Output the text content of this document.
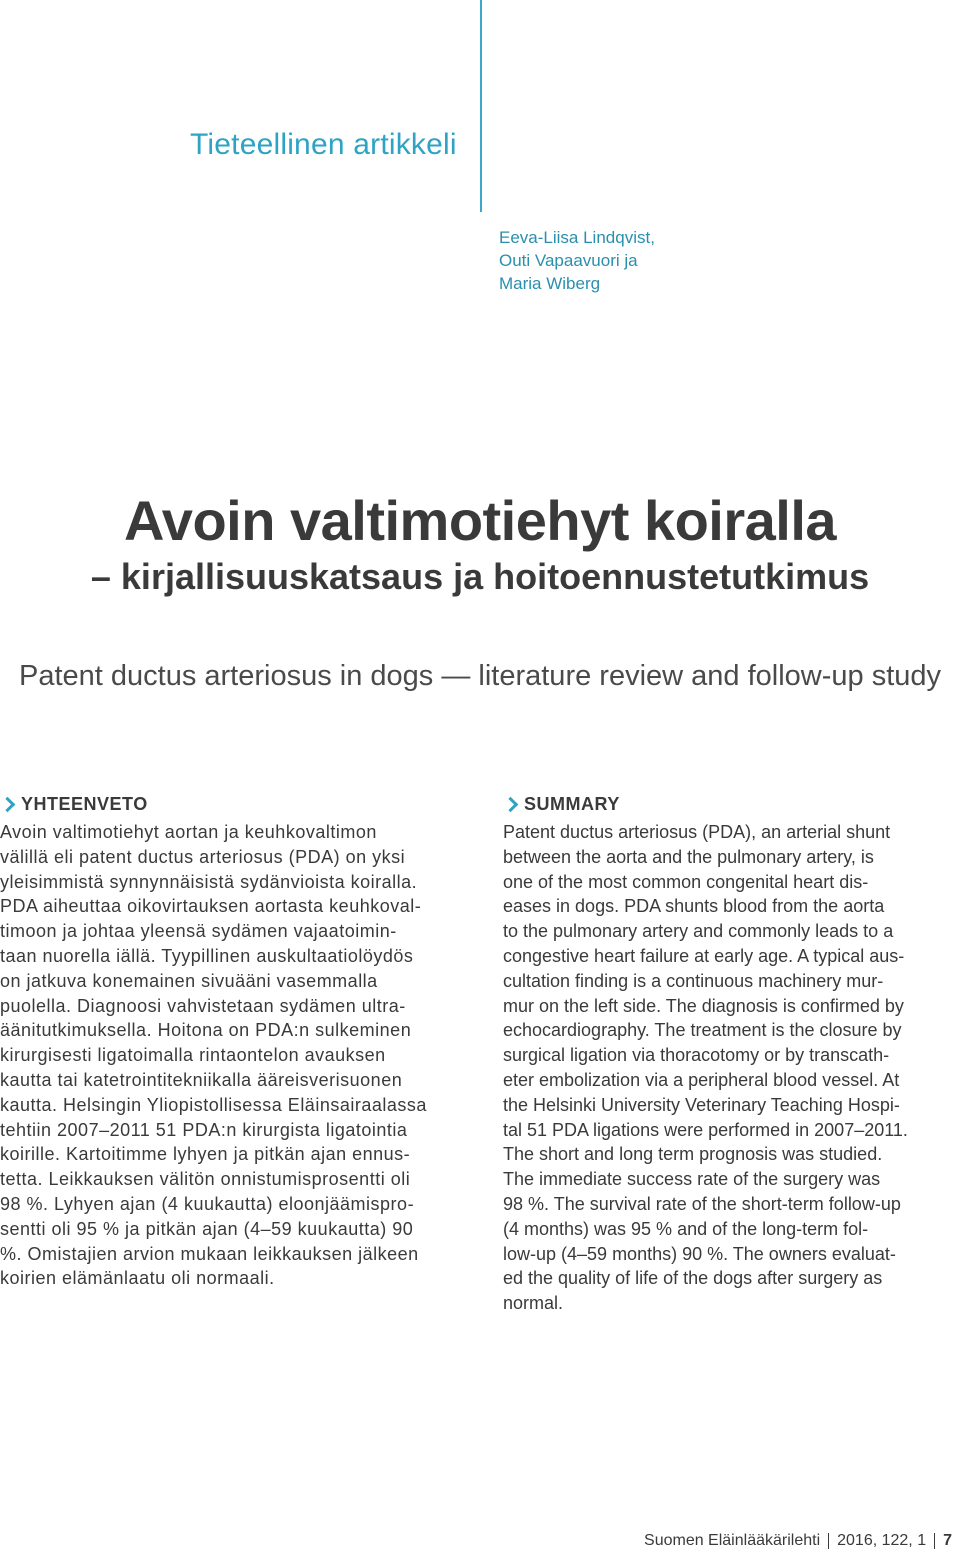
Tieteellinen artikkeli
Eeva-Liisa Lindqvist,
Outi Vapaavuori ja
Maria Wiberg
Avoin valtimotiehyt koiralla
– kirjallisuuskatsaus ja hoitoennustetutkimus
Patent ductus arteriosus in dogs — literature review and follow-up study
YHTEENVETO
Avoin valtimotiehyt aortan ja keuhkovaltimon
välillä eli patent ductus arteriosus (PDA) on yksi
yleisimmistä synnynnäisistä sydänvioista koiralla.
PDA aiheuttaa oikovirtauksen aortasta keuhkoval-
timoon ja johtaa yleensä sydämen vajaatoimin-
taan nuorella iällä. Tyypillinen auskultaatiolöydös
on jatkuva konemainen sivuääni vasemmalla
puolella. Diagnoosi vahvistetaan sydämen ultra-
äänitutkimuksella. Hoitona on PDA:n sulkeminen
kirurgisesti ligatoimalla rintaontelon avauksen
kautta tai katetrointitekniikalla ääreisverisuonen
kautta. Helsingin Yliopistollisessa Eläinsairaalassa
tehtiin 2007–2011 51 PDA:n kirurgista ligatointia
koirille. Kartoitimme lyhyen ja pitkän ajan ennus-
tetta. Leikkauksen välitön onnistumisprosentti oli
98 %. Lyhyen ajan (4 kuukautta) eloonjäämispro-
sentti oli 95 % ja pitkän ajan (4–59 kuukautta) 90
%. Omistajien arvion mukaan leikkauksen jälkeen
koirien elämänlaatu oli normaali.
SUMMARY
Patent ductus arteriosus (PDA), an arterial shunt
between the aorta and the pulmonary artery, is
one of the most common congenital heart dis-
eases in dogs. PDA shunts blood from the aorta
to the pulmonary artery and commonly leads to a
congestive heart failure at early age. A typical aus-
cultation finding is a continuous machinery mur-
mur on the left side. The diagnosis is confirmed by
echocardiography. The treatment is the closure by
surgical ligation via thoracotomy or by transcath-
eter embolization via a peripheral blood vessel. At
the Helsinki University Veterinary Teaching Hospi-
tal 51 PDA ligations were performed in 2007–2011.
The short and long term prognosis was studied.
The immediate success rate of the surgery was
98 %. The survival rate of the short-term follow-up
(4 months) was 95 % and of the long-term fol-
low-up (4–59 months) 90 %. The owners evaluat-
ed the quality of life of the dogs after surgery as
normal.
Suomen Eläinlääkärilehti 2016, 122, 1 7
